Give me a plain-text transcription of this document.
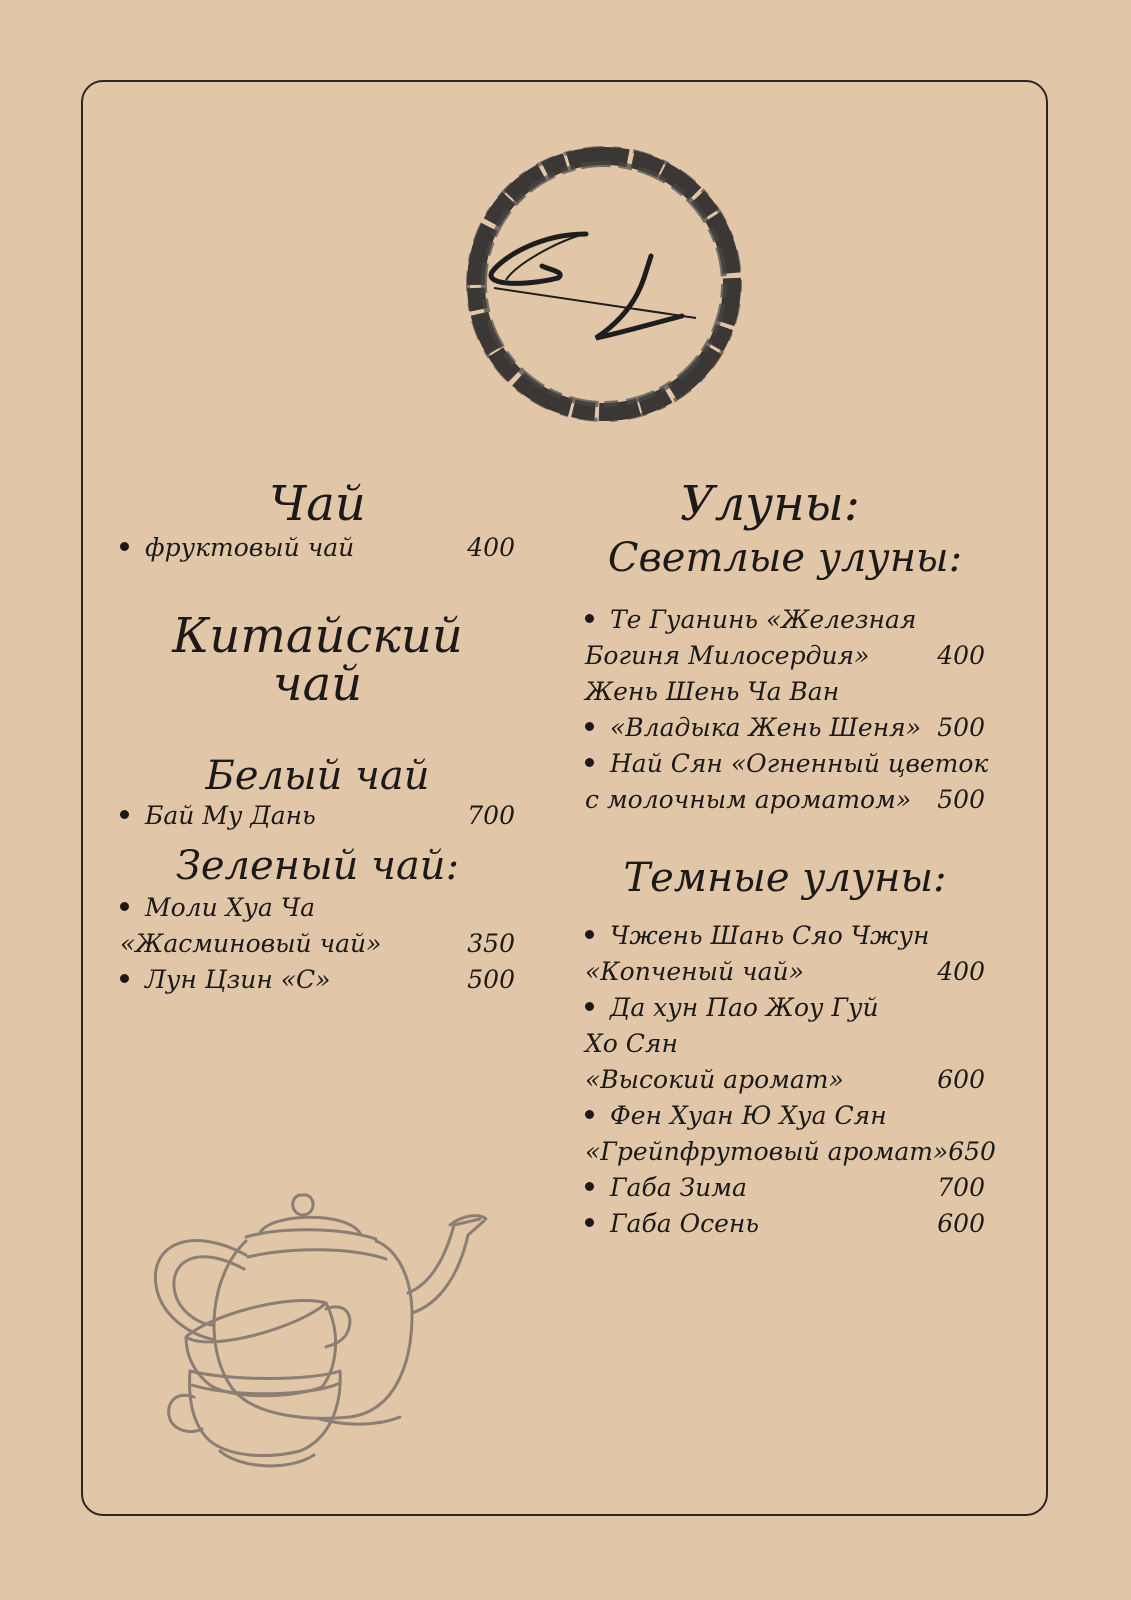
Чай
фруктовый чай	400
Китайский чай
Белый чай
Бай Му Дань	700
Зеленый чай:
Моли Хуа Ча
«Жасминовый чай»	350
Лун Цзин «С»	500
Улуны:
Светлые улуны:
Те Гуанинь «Железная
Богиня Милосердия»	400
Жень Шень Ча Ван
«Владыка Жень Шеня» 500
Най Сян «Огненный цветок
с молочным ароматом» 500
Темные улуны:
Чжень Шань Сяо Чжун
«Копченый чай»	400
Да хун Пао Жоу Гуй
Хо Сян
«Высокий аромат»	600
Фен Хуан Ю Хуа Сян
«Грейпфрутовый аромат» 650
Габа Зима	700
Габа Осень	600
